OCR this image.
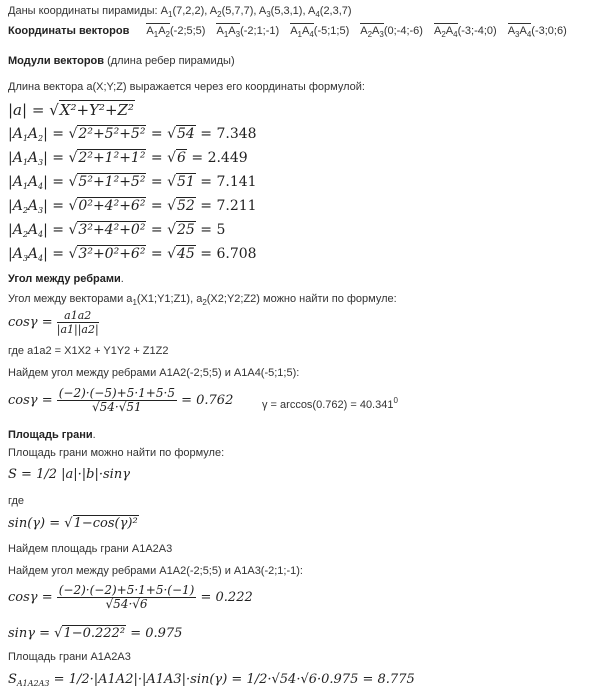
Даны координаты пирамиды: $A_1(7,2,2)$, $A_2(5,7,7)$, $A_3(5,3,1)$, $A_4(2,3,7)$
Координаты векторов $A_1A_2(-2;5;5)$ $A_1A_3(-2;1;-1)$ $A_1A_4(-5;1;5)$ $A_2A_3(0;-4;-6)$ $A_2A_4(-3;-4;0)$ $A_3A_4(-3;0;6)$
Модули векторов (длина ребер пирамиды)
Длина вектора a(X;Y;Z) выражается через его координаты формулой:
|a| = √X²+Y²+Z²
$|A_1A_2| = √2^2+5^2+5^2 = √54 = 7.348$
$|A_1A_3| = √2^2+1^2+1^2 = √6 = 2.449$
$|A_1A_4| = √5^2+1^2+5^2 = √51 = 7.141$
$|A_2A_3| = √0^2+4^2+6^2 = √52 = 7.211$
$|A_2A_4| = √3^2+4^2+0^2 = √25 = 5$
$|A_3A_4| = √3^2+0^2+6^2 = √45 = 6.708$
Угол между ребрами.
Угол между векторами $a_1(X1;Y1;Z1)$, $a_2(X2;Y2;Z2)$ можно найти по формуле:
$\cos\gamma = \frac{a1a2}{|a1||a2|}$
где a1a2 = X1X2 + Y1Y2 + Z1Z2
Найдем угол между ребрами A1A2(-2;5;5) и A1A4(-5;1;5):
$\cos\gamma = \frac{(-2)\cdot(-5)+5\cdot 1+5\cdot 5}{√54\cdot√51} = 0.762$	$\gamma = \arccos(0.762) = 40.341^0$
Площадь грани.
Площадь грани можно найти по формуле:
S = 1/2 |a|·|b|·sinγ
где
sin(γ) = √1−cos(γ)²
Найдем площадь грани A1A2A3
Найдем угол между ребрами A1A2(-2;5;5) и A1A3(-2;1;-1):
$\cos\gamma = \frac{(-2)\cdot(-2)+5\cdot 1+5\cdot(-1)}{√54\cdot√6} = 0.222$
sinγ = √1−0.222² = 0.975
Площадь грани A1A2A3
$S_{A1A2A3} = 1/2\cdot|A1A2|\cdot|A1A3|\cdot\sin(\gamma) = 1/2\cdot√54\cdot√6\cdot 0.975 = 8.775$
